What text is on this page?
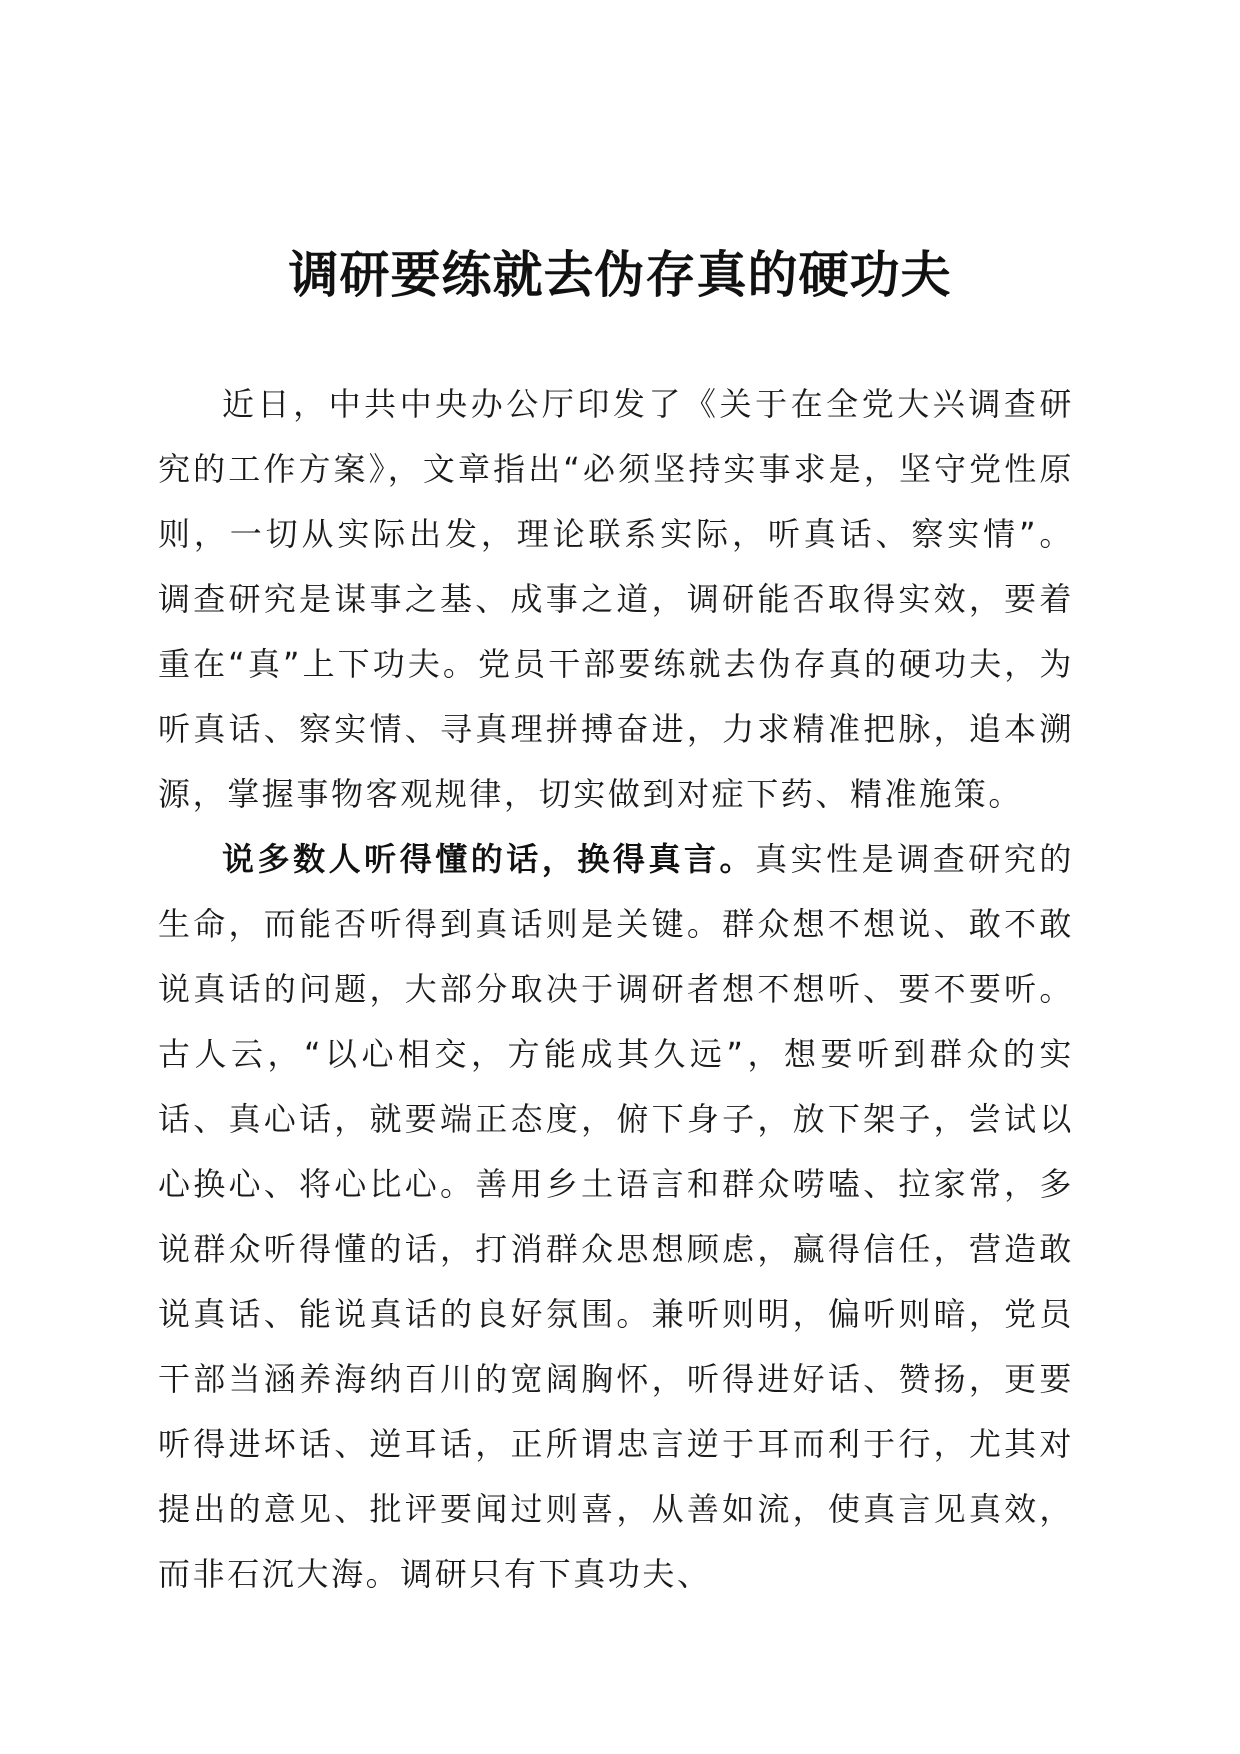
调研要练就去伪存真的硬功夫

近日，中共中央办公厅印发了《关于在全党大兴调查研究的工作方案》，文章指出“必须坚持实事求是，坚守党性原则，一切从实际出发，理论联系实际，听真话、察实情”。调查研究是谋事之基、成事之道，调研能否取得实效，要着重在“真”上下功夫。党员干部要练就去伪存真的硬功夫，为听真话、察实情、寻真理拼搏奋进，力求精准把脉，追本溯源，掌握事物客观规律，切实做到对症下药、精准施策。

说多数人听得懂的话，换得真言。真实性是调查研究的生命，而能否听得到真话则是关键。群众想不想说、敢不敢说真话的问题，大部分取决于调研者想不想听、要不要听。古人云，“以心相交，方能成其久远”，想要听到群众的实话、真心话，就要端正态度，俯下身子，放下架子，尝试以心换心、将心比心。善用乡土语言和群众唠嗑、拉家常，多说群众听得懂的话，打消群众思想顾虑，赢得信任，营造敢说真话、能说真话的良好氛围。兼听则明，偏听则暗，党员干部当涵养海纳百川的宽阔胸怀，听得进好话、赞扬，更要听得进坏话、逆耳话，正所谓忠言逆于耳而利于行，尤其对提出的意见、批评要闻过则喜，从善如流，使真言见真效，而非石沉大海。调研只有下真功夫、
